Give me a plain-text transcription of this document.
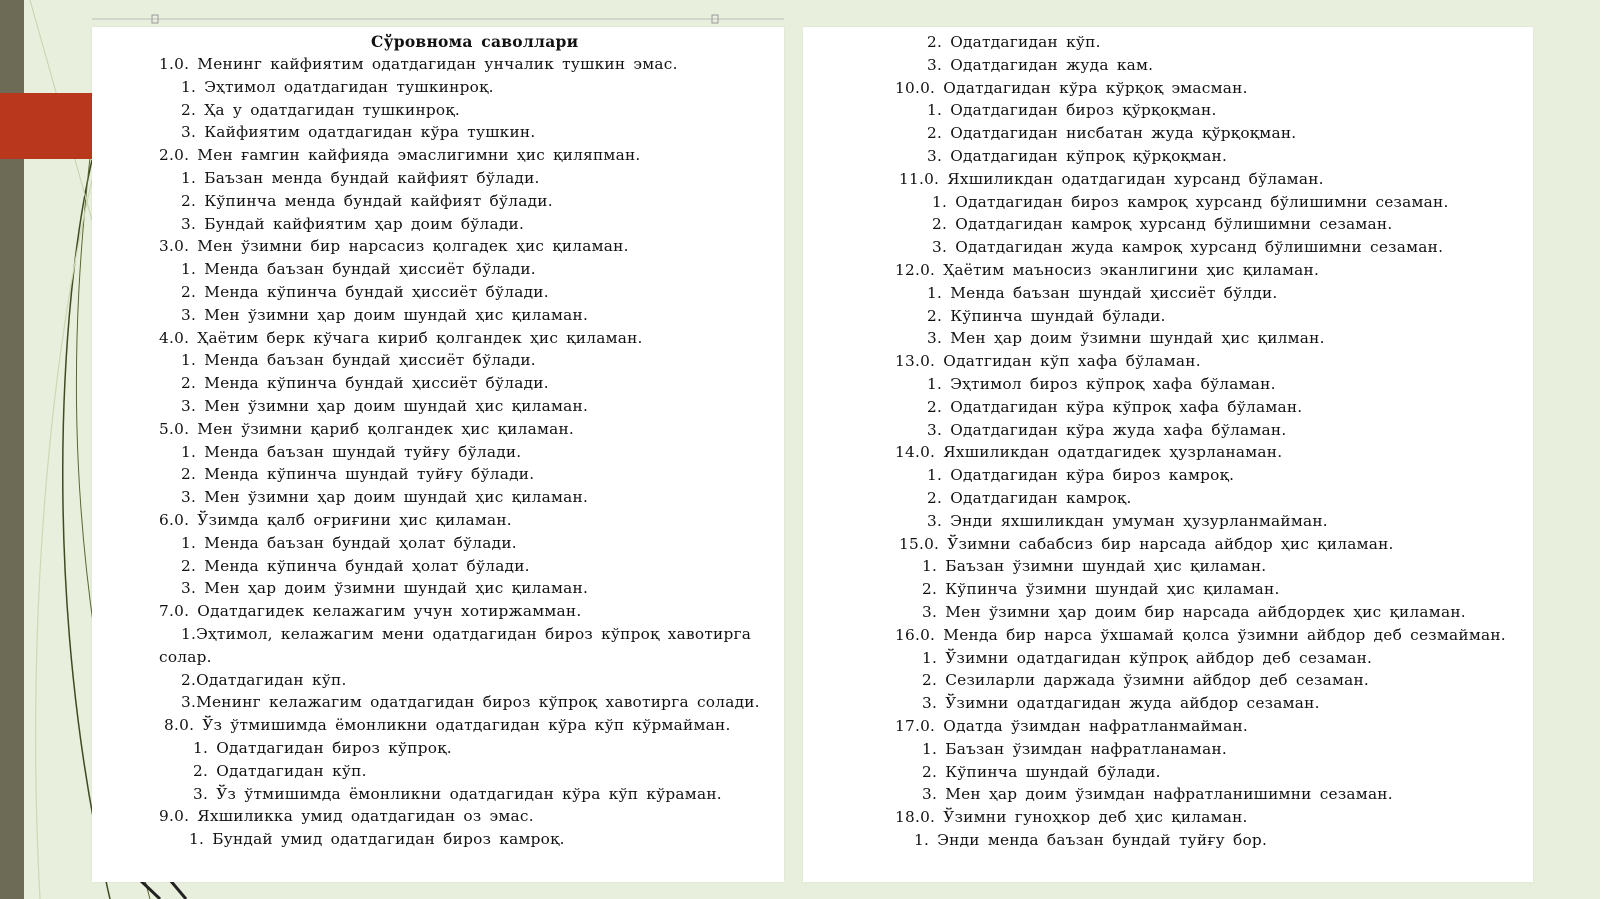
Сўровнома саволлари
1.0. Менинг кайфиятим одатдагидан унчалик тушкин эмас.
1. Эҳтимол одатдагидан тушкинроқ.
2. Ҳа у одатдагидан тушкинроқ.
3. Кайфиятим одатдагидан кўра тушкин.
2.0. Мен ғамгин кайфияда эмаслигимни ҳис қиляпман.
1. Баъзан менда бундай кайфият бўлади.
2. Кўпинча менда бундай кайфият бўлади.
3. Бундай кайфиятим ҳар доим бўлади.
3.0. Мен ўзимни бир нарсасиз қолгадек ҳис қиламан.
1. Менда баъзан бундай ҳиссиёт бўлади.
2. Менда кўпинча бундай ҳиссиёт бўлади.
3. Мен ўзимни ҳар доим шундай ҳис қиламан.
4.0. Ҳаётим берк кўчага кириб қолгандек ҳис қиламан.
1. Менда баъзан бундай ҳиссиёт бўлади.
2. Менда кўпинча бундай ҳиссиёт бўлади.
3. Мен ўзимни ҳар доим шундай ҳис қиламан.
5.0. Мен ўзимни қариб қолгандек ҳис қиламан.
1. Менда баъзан шундай туйғу бўлади.
2. Менда кўпинча шундай туйғу бўлади.
3. Мен ўзимни ҳар доим шундай ҳис қиламан.
6.0. Ўзимда қалб оғриғини ҳис қиламан.
1. Менда баъзан бундай ҳолат бўлади.
2. Менда кўпинча бундай ҳолат бўлади.
3. Мен ҳар доим ўзимни шундай ҳис қиламан.
7.0. Одатдагидек келажагим учун хотиржамман.
1.Эҳтимол, келажагим мени одатдагидан бироз кўпроқ хавотирга
солар.
2.Одатдагидан кўп.
3.Менинг келажагим одатдагидан бироз кўпроқ хавотирга солади.
8.0. Ўз ўтмишимда ёмонликни одатдагидан кўра кўп кўрмайман.
1. Одатдагидан бироз кўпроқ.
2. Одатдагидан кўп.
3. Ўз ўтмишимда ёмонликни одатдагидан кўра кўп кўраман.
9.0. Яхшиликка умид одатдагидан оз эмас.
1. Бундай умид одатдагидан бироз камроқ.
2. Одатдагидан кўп.
3. Одатдагидан жуда кам.
10.0. Одатдагидан кўра кўрқоқ эмасман.
1. Одатдагидан бироз қўрқоқман.
2. Одатдагидан нисбатан жуда қўрқоқман.
3. Одатдагидан кўпроқ қўрқоқман.
11.0. Яхшиликдан одатдагидан хурсанд бўламан.
1. Одатдагидан бироз камроқ хурсанд бўлишимни сезаман.
2. Одатдагидан камроқ хурсанд бўлишимни сезаман.
3. Одатдагидан жуда камроқ хурсанд бўлишимни сезаман.
12.0. Ҳаётим маъносиз эканлигини ҳис қиламан.
1. Менда баъзан шундай ҳиссиёт бўлди.
2. Кўпинча шундай бўлади.
3. Мен ҳар доим ўзимни шундай ҳис қилман.
13.0. Одатгидан кўп хафа бўламан.
1. Эҳтимол бироз кўпроқ хафа бўламан.
2. Одатдагидан кўра кўпроқ хафа бўламан.
3. Одатдагидан кўра жуда хафа бўламан.
14.0. Яхшиликдан одатдагидек ҳузрланаман.
1. Одатдагидан кўра бироз камроқ.
2. Одатдагидан камроқ.
3. Энди яхшиликдан умуман ҳузурланмайман.
15.0. Ўзимни сабабсиз бир нарсада айбдор ҳис қиламан.
1. Баъзан ўзимни шундай ҳис қиламан.
2. Кўпинча ўзимни шундай ҳис қиламан.
3. Мен ўзимни ҳар доим бир нарсада айбдордек ҳис қиламан.
16.0. Менда бир нарса ўхшамай қолса ўзимни айбдор деб сезмайман.
1. Ўзимни одатдагидан кўпроқ айбдор деб сезаман.
2. Сезиларли даржада ўзимни айбдор деб сезаман.
3. Ўзимни одатдагидан жуда айбдор сезаман.
17.0. Одатда ўзимдан нафратланмайман.
1. Баъзан ўзимдан нафратланаман.
2. Кўпинча шундай бўлади.
3. Мен ҳар доим ўзимдан нафратланишимни сезаман.
18.0. Ўзимни гуноҳкор деб ҳис қиламан.
1. Энди менда баъзан бундай туйғу бор.
